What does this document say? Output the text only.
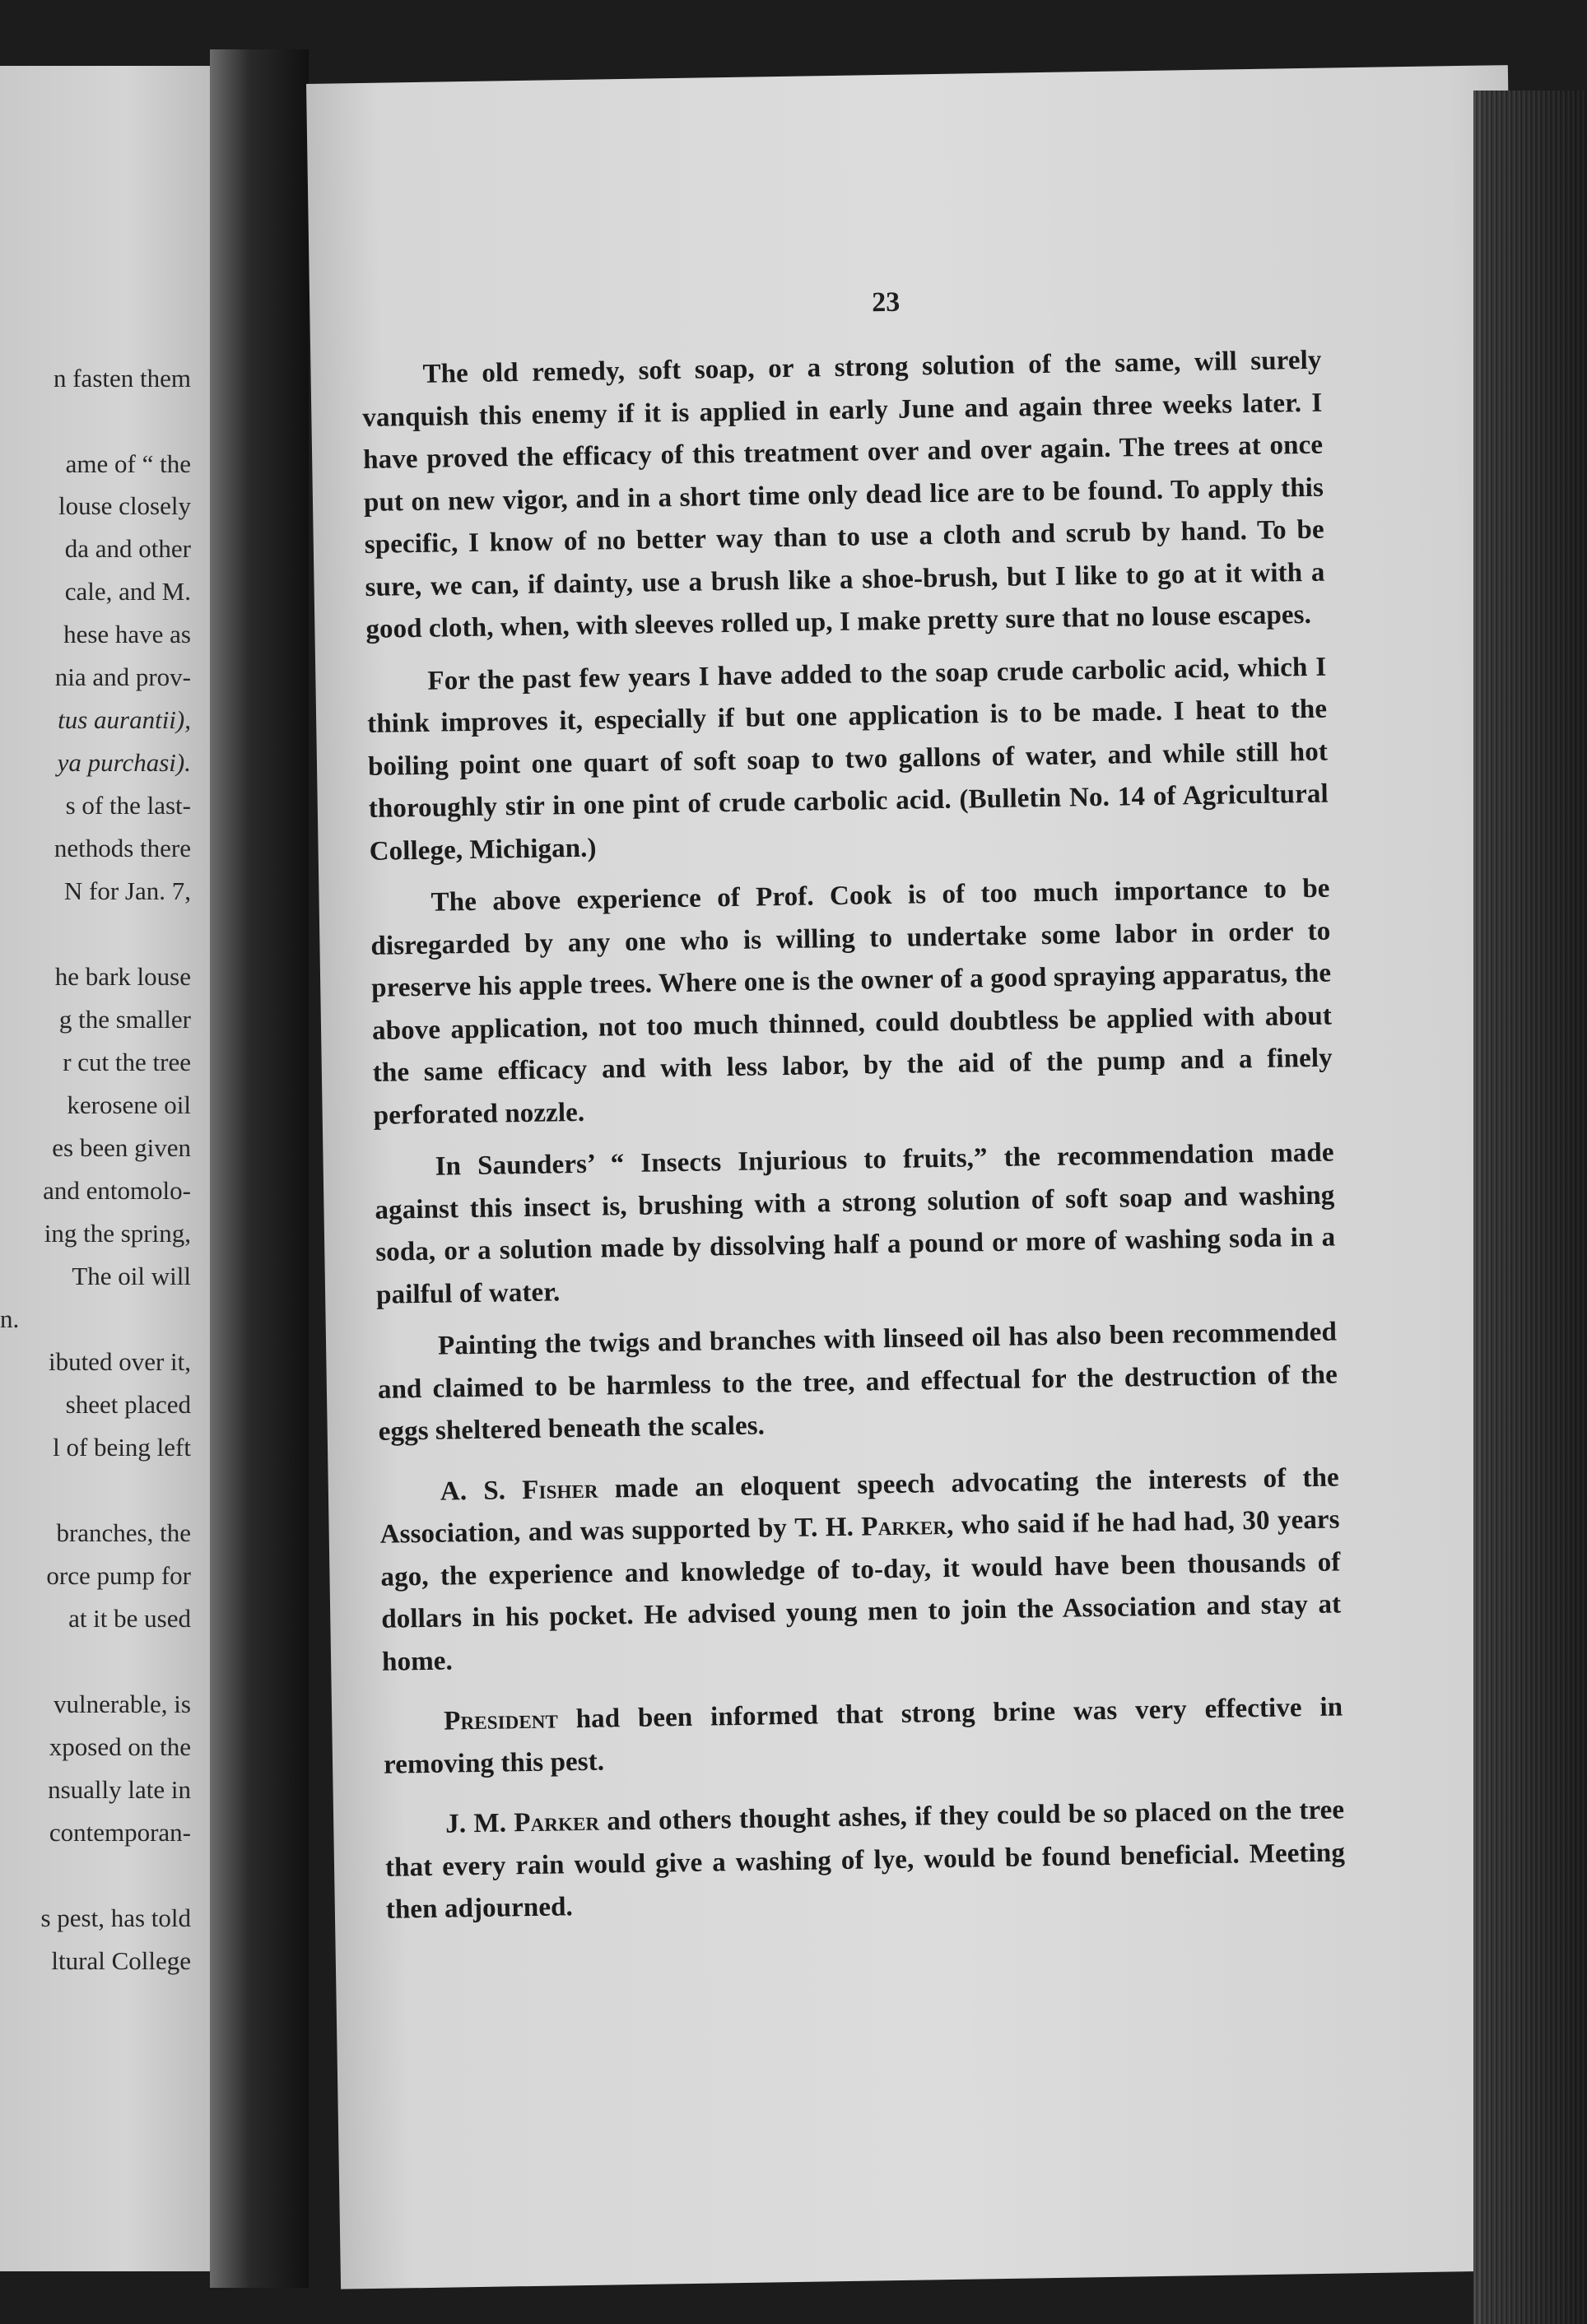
n fasten them
ame of “ the
louse closely
da and other
cale, and M.
hese have as
nia and prov-
tus aurantii),
ya purchasi).
s of the last-
nethods there
N for Jan. 7,
he bark louse
g the smaller
r cut the tree
kerosene oil
es been given
and entomolo-
ing the spring,
The oil will
n.
ibuted over it,
sheet placed
l of being left
branches, the
orce pump for
at it be used
vulnerable, is
xposed on the
nsually late in
contemporan-
s pest, has told
ltural College
23

The old remedy, soft soap, or a strong solution of the same, will surely vanquish this enemy if it is applied in early June and again three weeks later. I have proved the efficacy of this treatment over and over again. The trees at once put on new vigor, and in a short time only dead lice are to be found. To apply this specific, I know of no better way than to use a cloth and scrub by hand. To be sure, we can, if dainty, use a brush like a shoe-brush, but I like to go at it with a good cloth, when, with sleeves rolled up, I make pretty sure that no louse escapes.

For the past few years I have added to the soap crude carbolic acid, which I think improves it, especially if but one application is to be made. I heat to the boiling point one quart of soft soap to two gallons of water, and while still hot thoroughly stir in one pint of crude carbolic acid. (Bulletin No. 14 of Agricultural College, Michigan.)

The above experience of Prof. Cook is of too much importance to be disregarded by any one who is willing to undertake some labor in order to preserve his apple trees. Where one is the owner of a good spraying apparatus, the above application, not too much thinned, could doubtless be applied with about the same efficacy and with less labor, by the aid of the pump and a finely perforated nozzle.

In Saunders’ “ Insects Injurious to fruits,” the recommendation made against this insect is, brushing with a strong solution of soft soap and washing soda, or a solution made by dissolving half a pound or more of washing soda in a pailful of water.

Painting the twigs and branches with linseed oil has also been recommended and claimed to be harmless to the tree, and effectual for the destruction of the eggs sheltered beneath the scales.

A. S. Fisher made an eloquent speech advocating the interests of the Association, and was supported by T. H. Parker, who said if he had had, 30 years ago, the experience and knowledge of to-day, it would have been thousands of dollars in his pocket. He advised young men to join the Association and stay at home.

President had been informed that strong brine was very effective in removing this pest.

J. M. Parker and others thought ashes, if they could be so placed on the tree that every rain would give a washing of lye, would be found beneficial. Meeting then adjourned.
